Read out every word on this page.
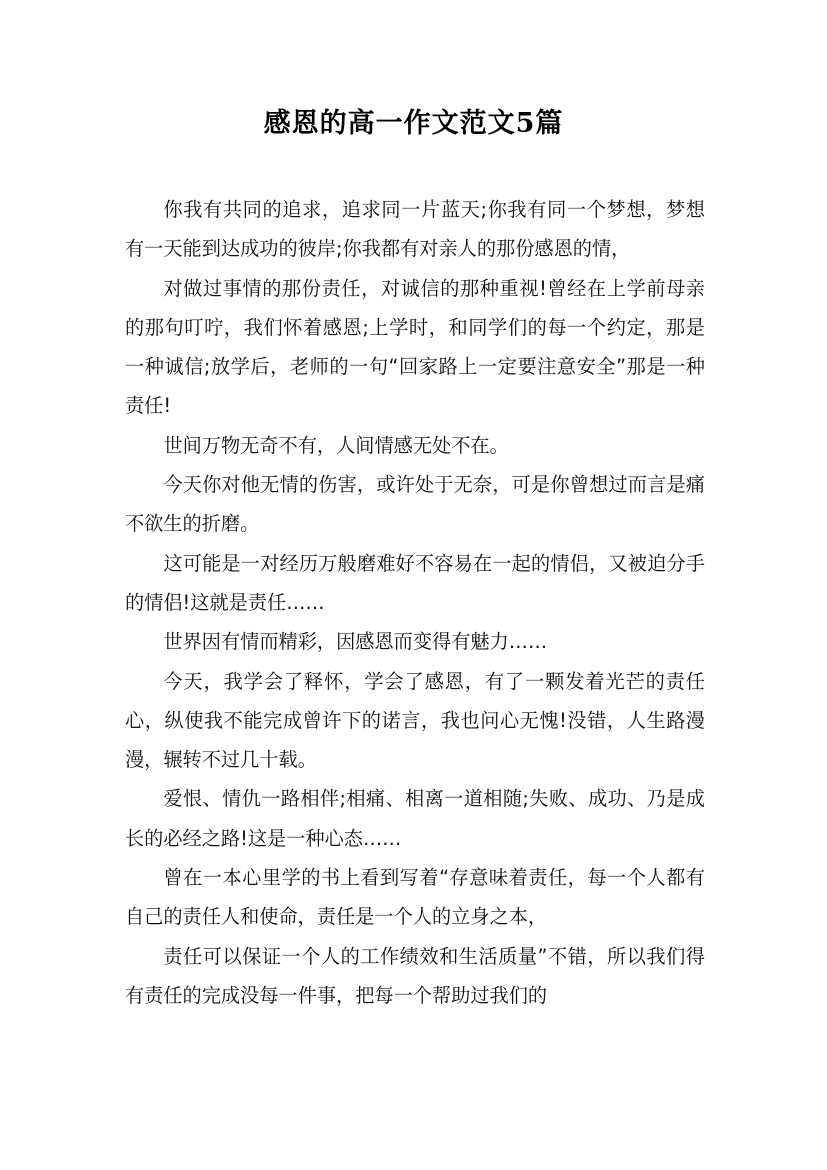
感恩的高一作文范文5篇

你我有共同的追求，追求同一片蓝天;你我有同一个梦想，梦想有一天能到达成功的彼岸;你我都有对亲人的那份感恩的情，

对做过事情的那份责任，对诚信的那种重视!曾经在上学前母亲的那句叮咛，我们怀着感恩;上学时，和同学们的每一个约定，那是一种诚信;放学后，老师的一句“回家路上一定要注意安全”那是一种责任!

世间万物无奇不有，人间情感无处不在。

今天你对他无情的伤害，或许处于无奈，可是你曾想过而言是痛不欲生的折磨。

这可能是一对经历万般磨难好不容易在一起的情侣，又被迫分手的情侣!这就是责任……

世界因有情而精彩，因感恩而变得有魅力……

今天，我学会了释怀，学会了感恩，有了一颗发着光芒的责任心，纵使我不能完成曾许下的诺言，我也问心无愧!没错，人生路漫漫，辗转不过几十载。

爱恨、情仇一路相伴;相痛、相离一道相随;失败、成功、乃是成长的必经之路!这是一种心态……

曾在一本心里学的书上看到写着“存意味着责任，每一个人都有自己的责任人和使命，责任是一个人的立身之本，

责任可以保证一个人的工作绩效和生活质量”不错，所以我们得有责任的完成没每一件事，把每一个帮助过我们的
